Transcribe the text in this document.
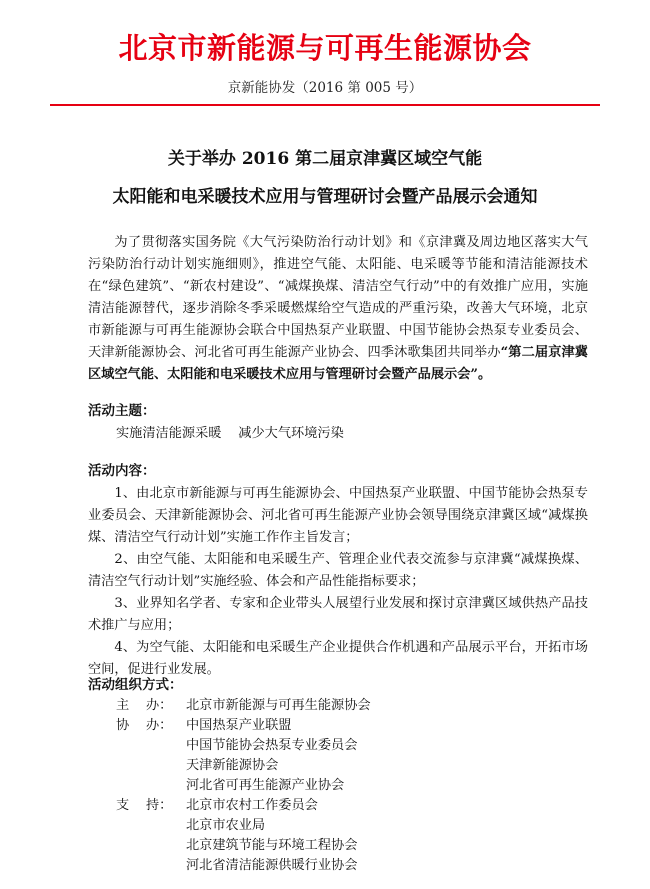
北京市新能源与可再生能源协会
京新能协发（2016 第 005 号）
关于举办 2016 第二届京津冀区域空气能
太阳能和电采暖技术应用与管理研讨会暨产品展示会通知

为了贯彻落实国务院《大气污染防治行动计划》和《京津冀及周边地区落实大气污染防治行动计划实施细则》，推进空气能、太阳能、电采暖等节能和清洁能源技术在“绿色建筑”、“新农村建设”、“减煤换煤、清洁空气行动”中的有效推广应用，实施清洁能源替代，逐步消除冬季采暖燃煤给空气造成的严重污染，改善大气环境，北京市新能源与可再生能源协会联合中国热泵产业联盟、中国节能协会热泵专业委员会、天津新能源协会、河北省可再生能源产业协会、四季沐歌集团共同举办“第二届京津冀区域空气能、太阳能和电采暖技术应用与管理研讨会暨产品展示会”。

活动主题：
实施清洁能源采暖    减少大气环境污染
活动内容：

1、由北京市新能源与可再生能源协会、中国热泵产业联盟、中国节能协会热泵专业委员会、天津新能源协会、河北省可再生能源产业协会领导围绕京津冀区域“减煤换煤、清洁空气行动计划”实施工作作主旨发言；

2、由空气能、太阳能和电采暖生产、管理企业代表交流参与京津冀“减煤换煤、清洁空气行动计划”实施经验、体会和产品性能指标要求；

3、业界知名学者、专家和企业带头人展望行业发展和探讨京津冀区域供热产品技术推广与应用；

4、为空气能、太阳能和电采暖生产企业提供合作机遇和产品展示平台，开拓市场空间，促进行业发展。

活动组织方式：
主    办：	北京市新能源与可再生能源协会
协    办：	中国热泵产业联盟
中国节能协会热泵专业委员会
天津新能源协会
河北省可再生能源产业协会
支    持：	北京市农村工作委员会
北京市农业局
北京建筑节能与环境工程协会
河北省清洁能源供暖行业协会
